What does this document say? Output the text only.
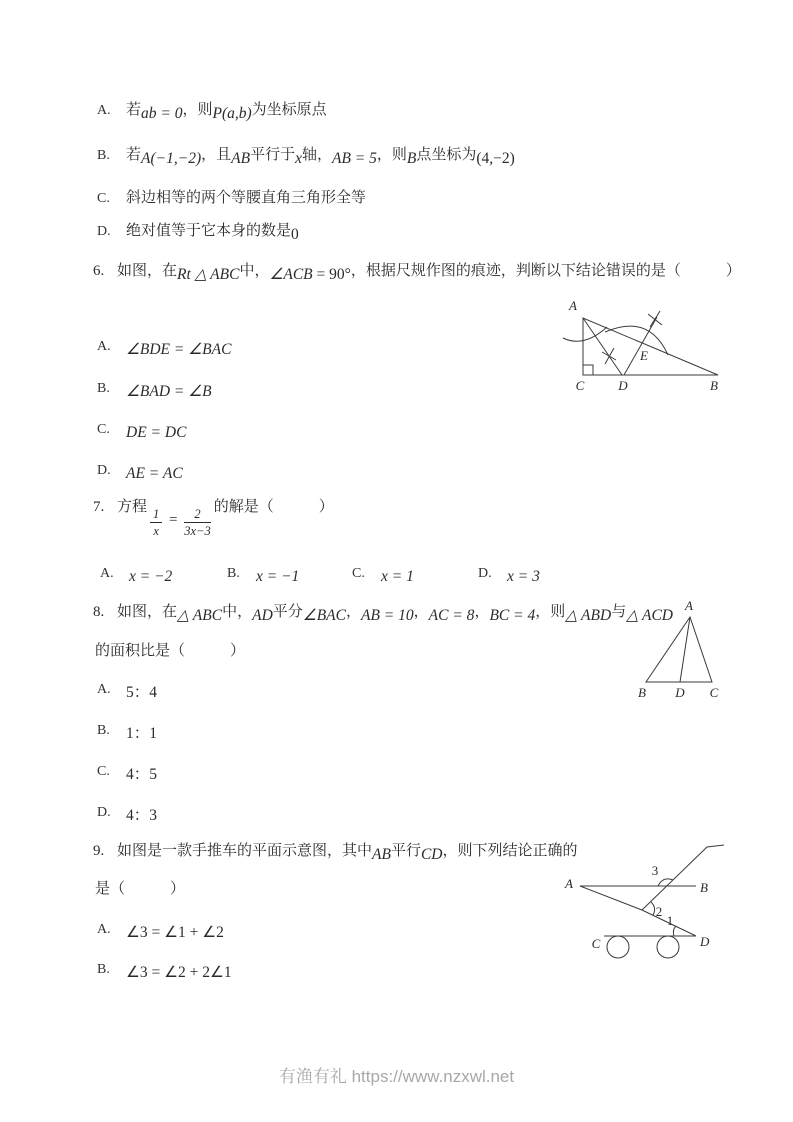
A. 若ab = 0，则P(a,b)为坐标原点
B. 若A(−1,−2)，且AB平行于x轴，AB = 5，则B点坐标为(4,−2)
C. 斜边相等的两个等腰直角三角形全等
D. 绝对值等于它本身的数是0
6. 如图，在Rt △ ABC中，∠ACB = 90°，根据尺规作图的痕迹，判断以下结论错误的是（　　　）
A
C	D	B
E
A. ∠BDE = ∠BAC
B. ∠BAD = ∠B
C. DE = DC
D. AE = AC
7. 方程 $\frac{1}{x} = \frac{2}{3x-3}$ 的解是（　　　）
A. x = −2	B. x = −1	C. x = 1	D. x = 3
8. 如图，在△ ABC中，AD平分∠BAC，AB = 10，AC = 8，BC = 4，则△ ABD与△ ACD
A
B D C
的面积比是（　　　）
A. 5：4
B. 1：1
C. 4：5
D. 4：3
9. 如图是一款手推车的平面示意图，其中AB平行CD，则下列结论正确的
A	B
C	D
3
2
1
是（　　　）
A. ∠3 = ∠1 + ∠2
B. ∠3 = ∠2 + 2∠1
有渔有礼 https://www.nzxwl.net
